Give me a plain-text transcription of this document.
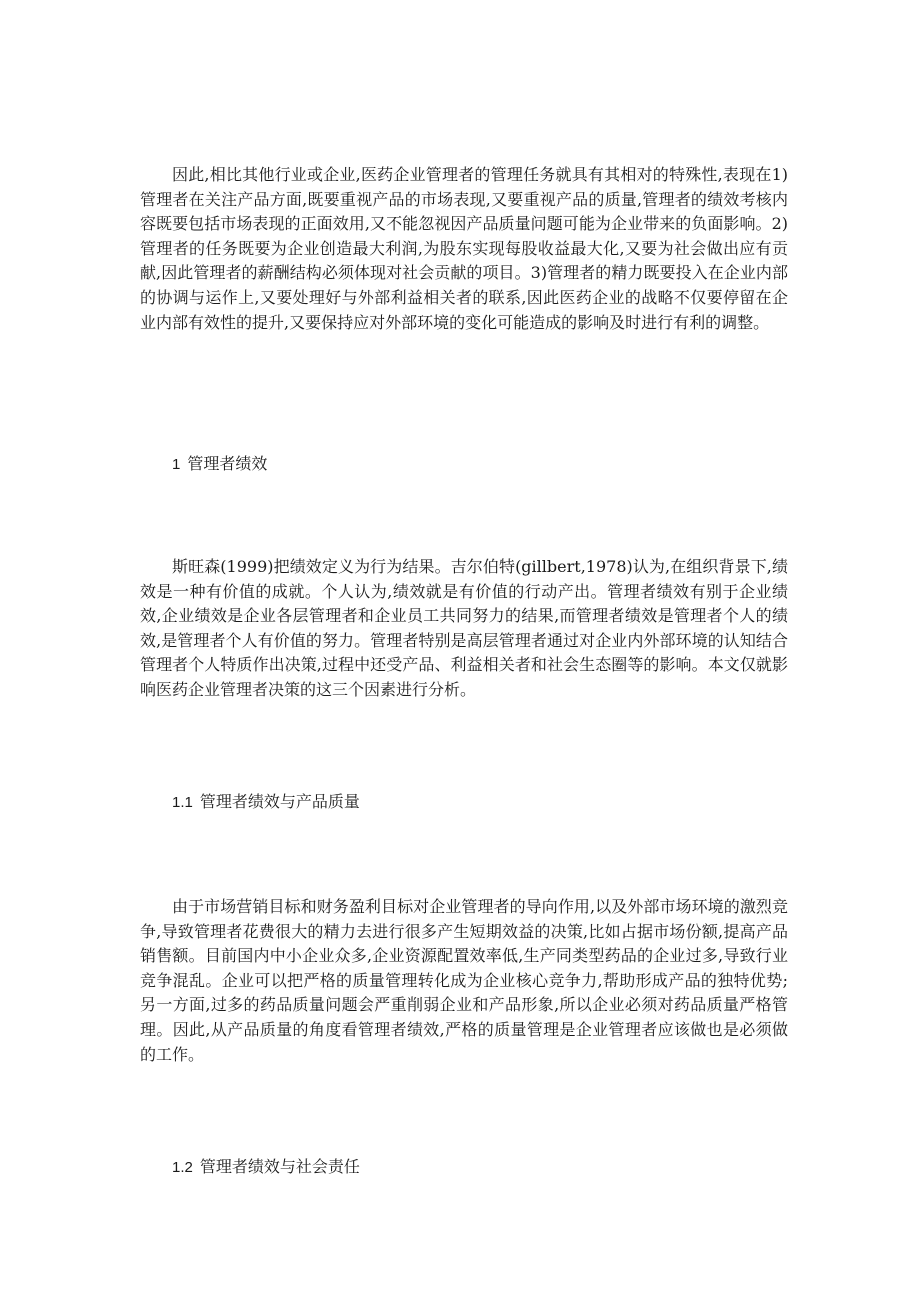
因此,相比其他行业或企业,医药企业管理者的管理任务就具有其相对的特殊性,表现在1)管理者在关注产品方面,既要重视产品的市场表现,又要重视产品的质量,管理者的绩效考核内容既要包括市场表现的正面效用,又不能忽视因产品质量问题可能为企业带来的负面影响。2)管理者的任务既要为企业创造最大利润,为股东实现每股收益最大化,又要为社会做出应有贡献,因此管理者的薪酬结构必须体现对社会贡献的项目。3)管理者的精力既要投入在企业内部的协调与运作上,又要处理好与外部利益相关者的联系,因此医药企业的战略不仅要停留在企业内部有效性的提升,又要保持应对外部环境的变化可能造成的影响及时进行有利的调整。

1 管理者绩效

斯旺森(1999)把绩效定义为行为结果。吉尔伯特(gillbert,1978)认为,在组织背景下,绩效是一种有价值的成就。个人认为,绩效就是有价值的行动产出。管理者绩效有别于企业绩效,企业绩效是企业各层管理者和企业员工共同努力的结果,而管理者绩效是管理者个人的绩效,是管理者个人有价值的努力。管理者特别是高层管理者通过对企业内外部环境的认知结合管理者个人特质作出决策,过程中还受产品、利益相关者和社会生态圈等的影响。本文仅就影响医药企业管理者决策的这三个因素进行分析。

1.1 管理者绩效与产品质量

由于市场营销目标和财务盈利目标对企业管理者的导向作用,以及外部市场环境的激烈竞争,导致管理者花费很大的精力去进行很多产生短期效益的决策,比如占据市场份额,提高产品销售额。目前国内中小企业众多,企业资源配置效率低,生产同类型药品的企业过多,导致行业竞争混乱。企业可以把严格的质量管理转化成为企业核心竞争力,帮助形成产品的独特优势;另一方面,过多的药品质量问题会严重削弱企业和产品形象,所以企业必须对药品质量严格管理。因此,从产品质量的角度看管理者绩效,严格的质量管理是企业管理者应该做也是必须做的工作。

1.2 管理者绩效与社会责任
